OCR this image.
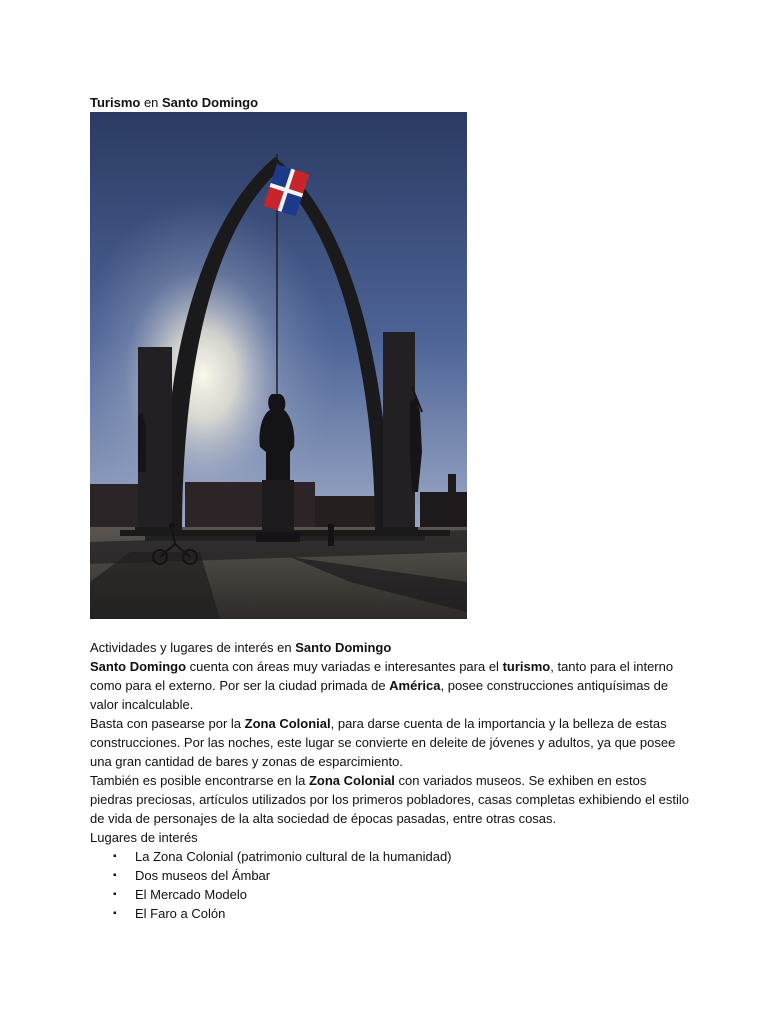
Turismo en Santo Domingo

Actividades y lugares de interés en Santo Domingo

Santo Domingo cuenta con áreas muy variadas e interesantes para el turismo, tanto para el interno como para el externo. Por ser la ciudad primada de América, posee construcciones antiquísimas de valor incalculable.

Basta con pasearse por la Zona Colonial, para darse cuenta de la importancia y la belleza de estas construcciones. Por las noches, este lugar se convierte en deleite de jóvenes y adultos, ya que posee una gran cantidad de bares y zonas de esparcimiento.

También es posible encontrarse en la Zona Colonial con variados museos. Se exhiben en estos piedras preciosas, artículos utilizados por los primeros pobladores, casas completas exhibiendo el estilo de vida de personajes de la alta sociedad de épocas pasadas, entre otras cosas.

Lugares de interés

▪ La Zona Colonial (patrimonio cultural de la humanidad)
▪ Dos museos del Ámbar
▪ El Mercado Modelo
▪ El Faro a Colón
